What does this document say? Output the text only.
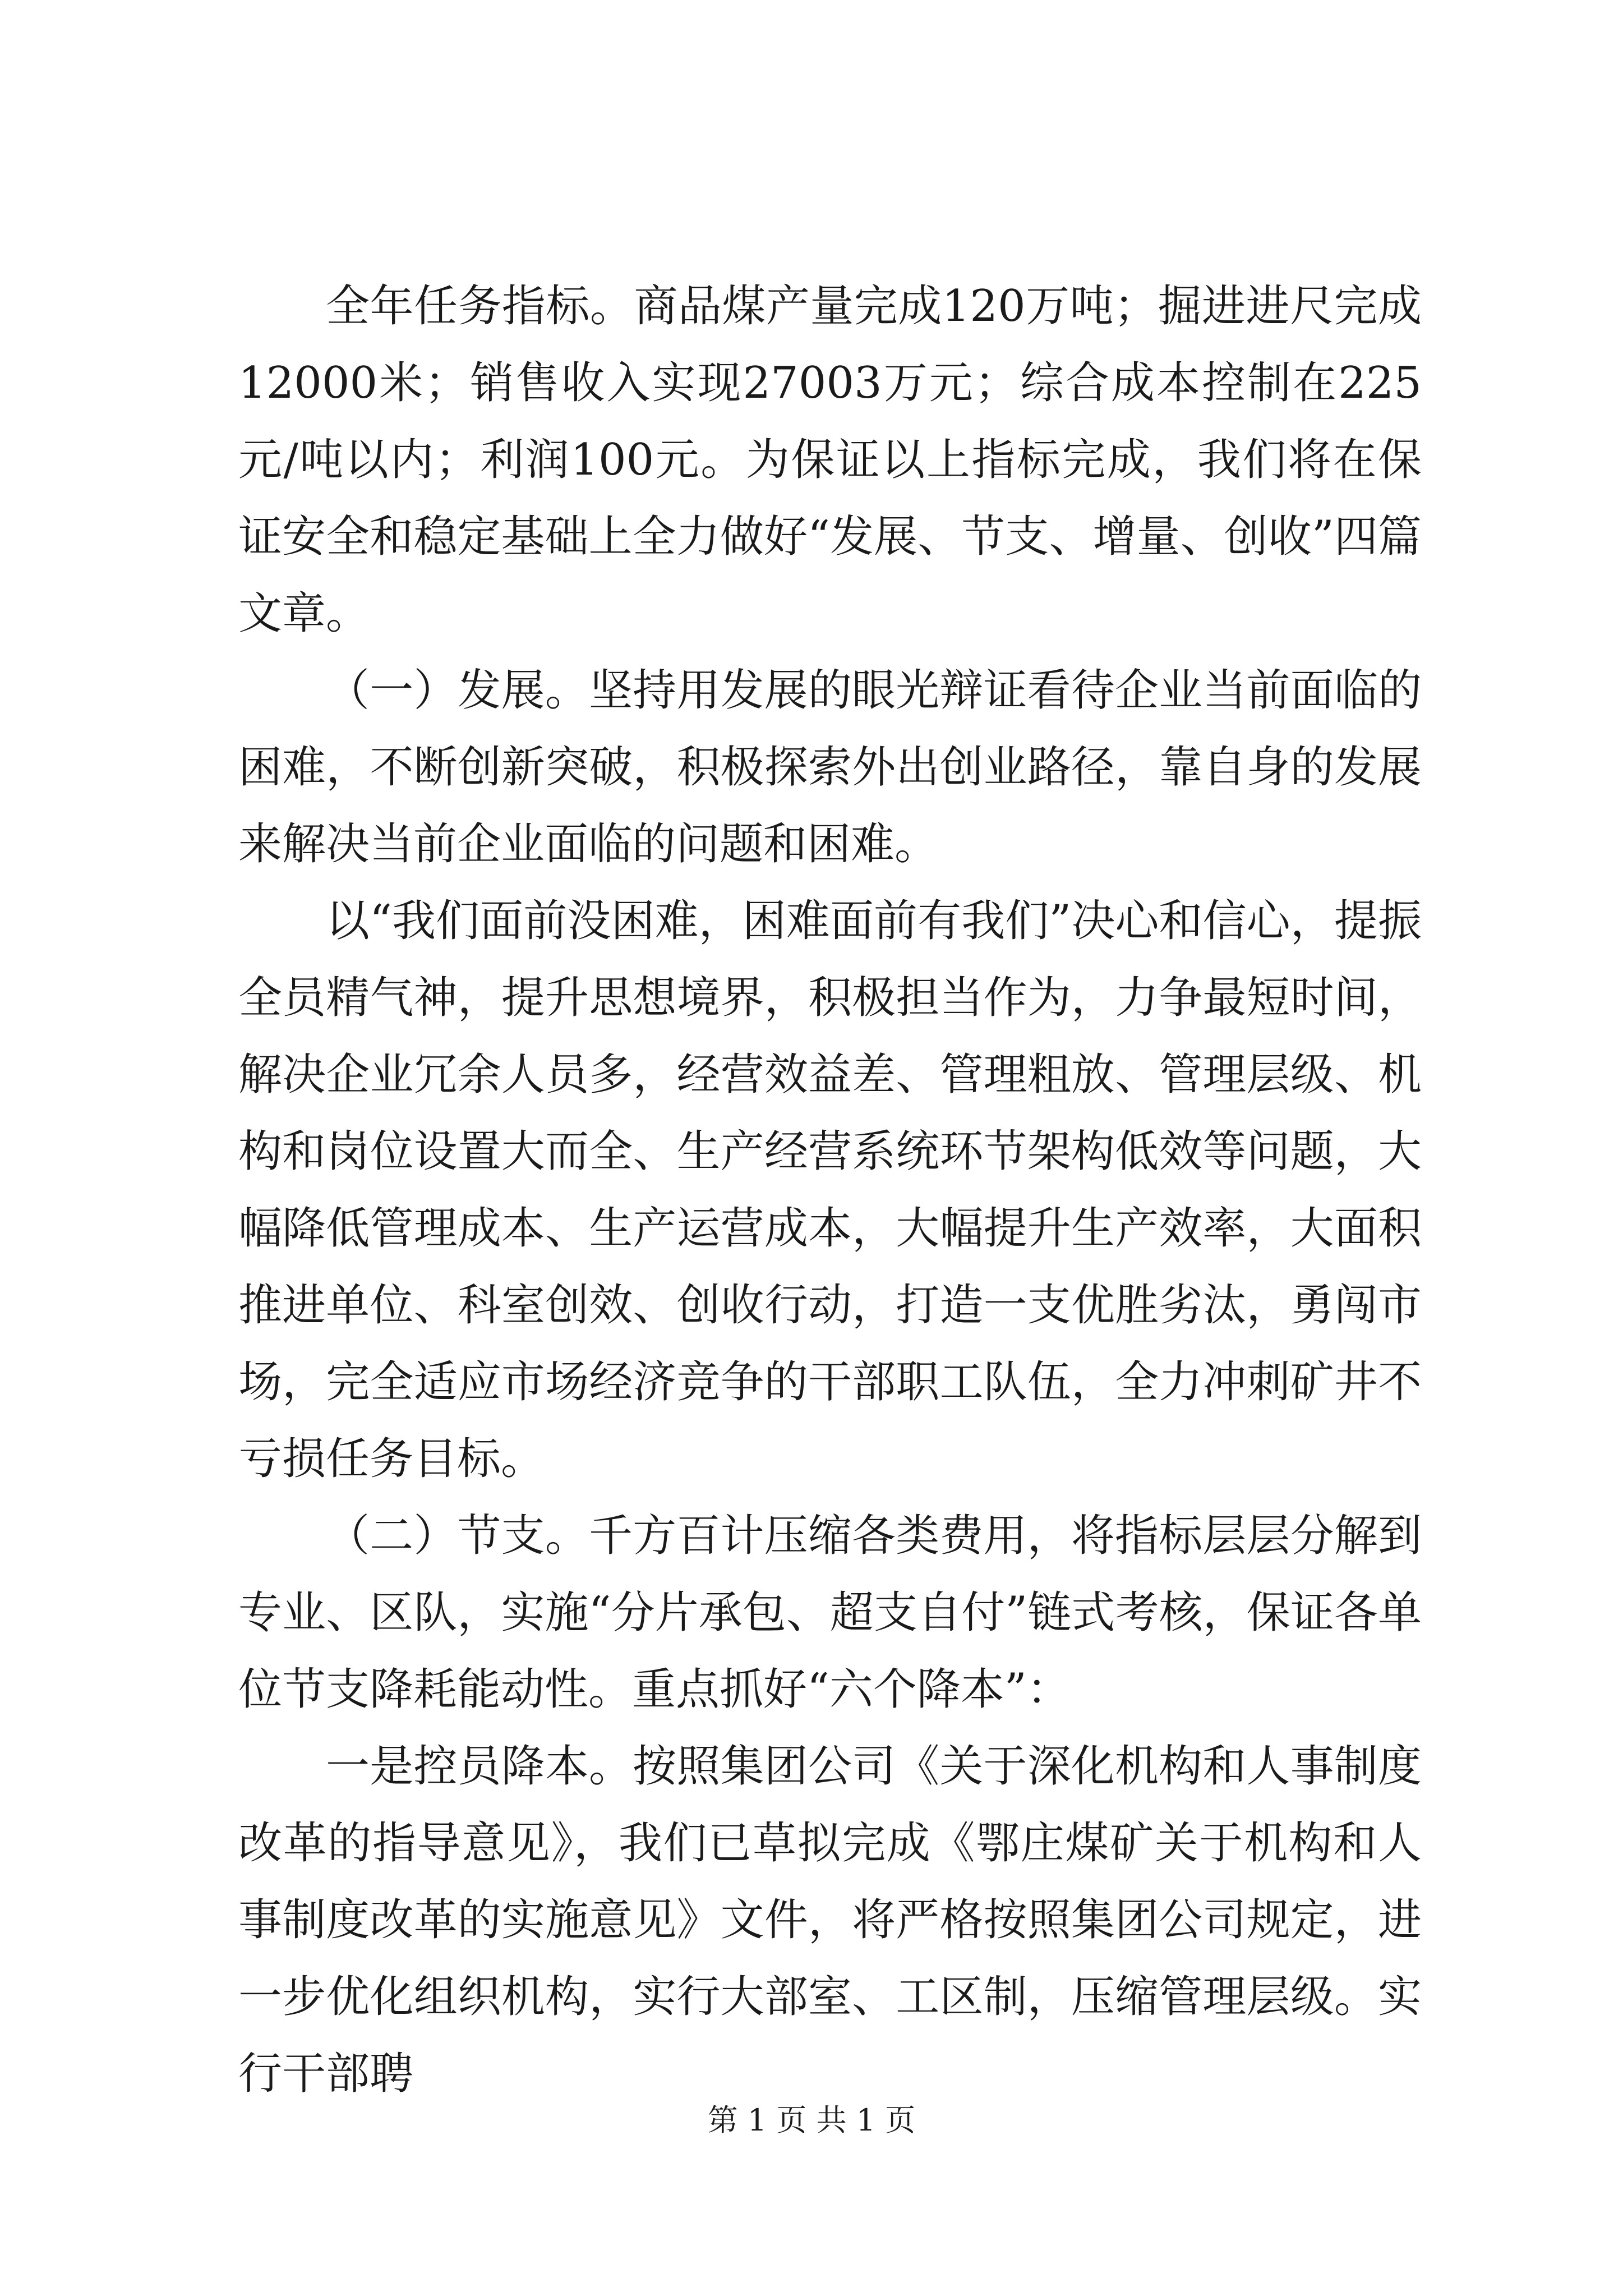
全年任务指标。商品煤产量完成120万吨；掘进进尺完成12000米；销售收入实现27003万元；综合成本控制在225元/吨以内；利润100元。为保证以上指标完成，我们将在保证安全和稳定基础上全力做好“发展、节支、增量、创收”四篇文章。

（一）发展。坚持用发展的眼光辩证看待企业当前面临的困难，不断创新突破，积极探索外出创业路径，靠自身的发展来解决当前企业面临的问题和困难。

以“我们面前没困难，困难面前有我们”决心和信心，提振全员精气神，提升思想境界，积极担当作为，力争最短时间，解决企业冗余人员多，经营效益差、管理粗放、管理层级、机构和岗位设置大而全、生产经营系统环节架构低效等问题，大幅降低管理成本、生产运营成本，大幅提升生产效率，大面积推进单位、科室创效、创收行动，打造一支优胜劣汰，勇闯市场，完全适应市场经济竞争的干部职工队伍，全力冲刺矿井不亏损任务目标。

（二）节支。千方百计压缩各类费用，将指标层层分解到专业、区队，实施“分片承包、超支自付”链式考核，保证各单位节支降耗能动性。重点抓好“六个降本”：

一是控员降本。按照集团公司《关于深化机构和人事制度改革的指导意见》，我们已草拟完成《鄂庄煤矿关于机构和人事制度改革的实施意见》文件，将严格按照集团公司规定，进一步优化组织机构，实行大部室、工区制，压缩管理层级。实行干部聘

第 1 页 共 1 页
